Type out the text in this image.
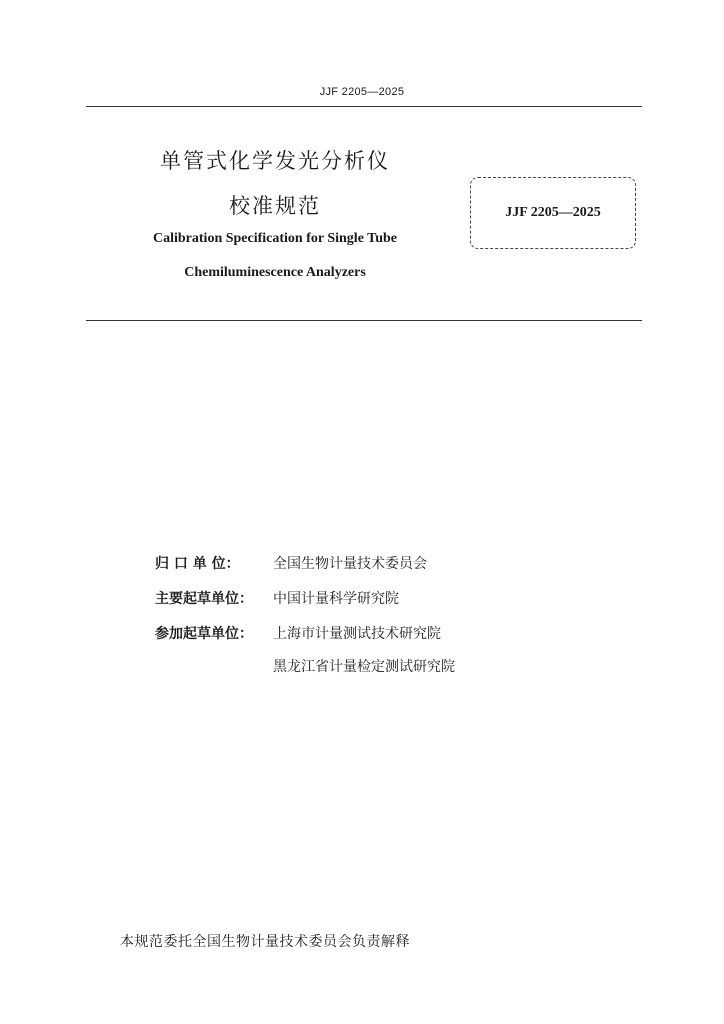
JJF 2205—2025
单管式化学发光分析仪
校准规范
Calibration Specification for Single Tube
Chemiluminescence Analyzers
JJF 2205—2025
归 口 单 位： 全国生物计量技术委员会
主要起草单位： 中国计量科学研究院
参加起草单位： 上海市计量测试技术研究院
黑龙江省计量检定测试研究院
本规范委托全国生物计量技术委员会负责解释
